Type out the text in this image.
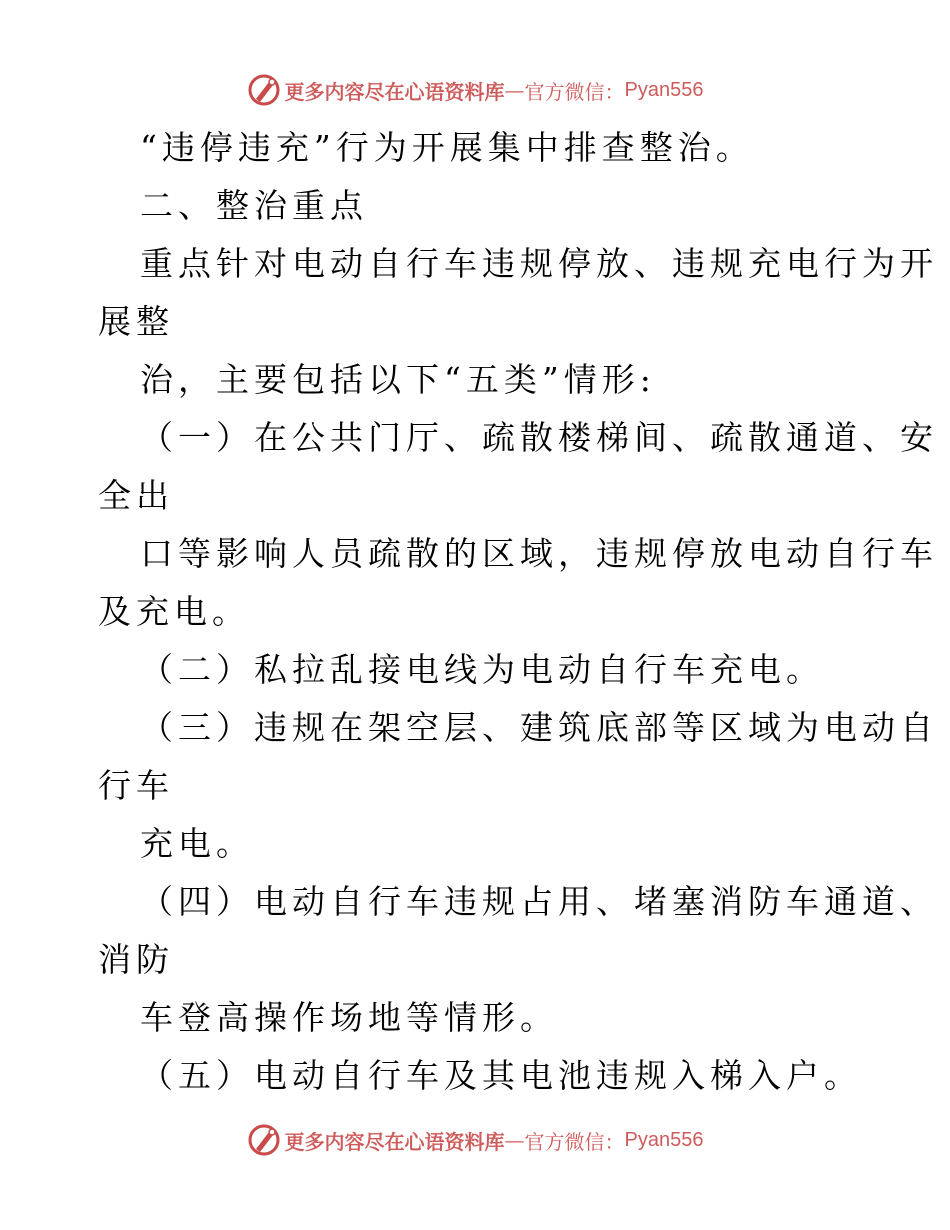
更多内容尽在心语资料库 — 官方微信： Pyan556
“违停违充”行为开展集中排查整治。
二、整治重点
重点针对电动自行车违规停放、违规充电行为开
展整
治，主要包括以下“五类”情形:
（一）在公共门厅、疏散楼梯间、疏散通道、安
全出
口等影响人员疏散的区域，违规停放电动自行车
及充电。
（二）私拉乱接电线为电动自行车充电。
（三）违规在架空层、建筑底部等区域为电动自
行车
充电。
（四）电动自行车违规占用、堵塞消防车通道、
消防
车登高操作场地等情形。
（五）电动自行车及其电池违规入梯入户。
更多内容尽在心语资料库 — 官方微信： Pyan556
